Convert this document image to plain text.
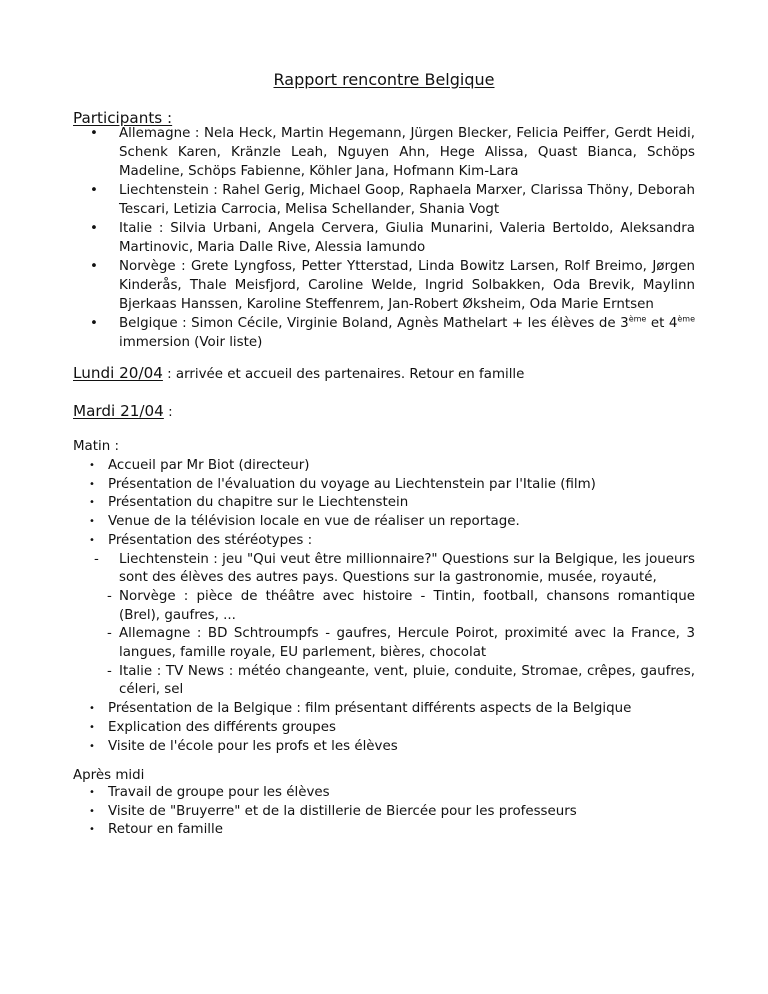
Rapport rencontre Belgique
Participants :
• Allemagne : Nela Heck, Martin Hegemann, Jürgen Blecker, Felicia Peiffer, Gerdt Heidi, Schenk Karen, Kränzle Leah, Nguyen Ahn, Hege Alissa, Quast Bianca, Schöps Madeline, Schöps Fabienne, Köhler Jana, Hofmann Kim-Lara
• Liechtenstein : Rahel Gerig, Michael Goop, Raphaela Marxer, Clarissa Thöny, Deborah Tescari, Letizia Carrocia, Melisa Schellander, Shania Vogt
• Italie : Silvia Urbani, Angela Cervera, Giulia Munarini, Valeria Bertoldo, Aleksandra Martinovic, Maria Dalle Rive, Alessia Iamundo
• Norvège : Grete Lyngfoss, Petter Ytterstad, Linda Bowitz Larsen, Rolf Breimo, Jørgen Kinderås, Thale Meisfjord, Caroline Welde, Ingrid Solbakken, Oda Brevik, Maylinn Bjerkaas Hanssen, Karoline Steffenrem, Jan-Robert Øksheim, Oda Marie Erntsen
• Belgique : Simon Cécile, Virginie Boland, Agnès Mathelart + les élèves de 3ème et 4ème immersion (Voir liste)
Lundi 20/04 : arrivée et accueil des partenaires. Retour en famille
Mardi 21/04 :
Matin :
• Accueil par Mr Biot (directeur)
• Présentation de l'évaluation du voyage au Liechtenstein par l'Italie (film)
• Présentation du chapitre sur le Liechtenstein
• Venue de la télévision locale en vue de réaliser un reportage.
• Présentation des stéréotypes :
- Liechtenstein : jeu "Qui veut être millionnaire?" Questions sur la Belgique, les joueurs sont des élèves des autres pays. Questions sur la gastronomie, musée, royauté,
- Norvège : pièce de théâtre avec histoire - Tintin, football, chansons romantique (Brel), gaufres, ...
- Allemagne : BD Schtroumpfs - gaufres, Hercule Poirot, proximité avec la France, 3 langues, famille royale, EU parlement, bières, chocolat
- Italie : TV News : météo changeante, vent, pluie, conduite, Stromae, crêpes, gaufres, céleri, sel
• Présentation de la Belgique : film présentant différents aspects de la Belgique
• Explication des différents groupes
• Visite de l'école pour les profs et les élèves
Après midi
• Travail de groupe pour les élèves
• Visite de "Bruyerre" et de la distillerie de Biercée pour les professeurs
• Retour en famille
